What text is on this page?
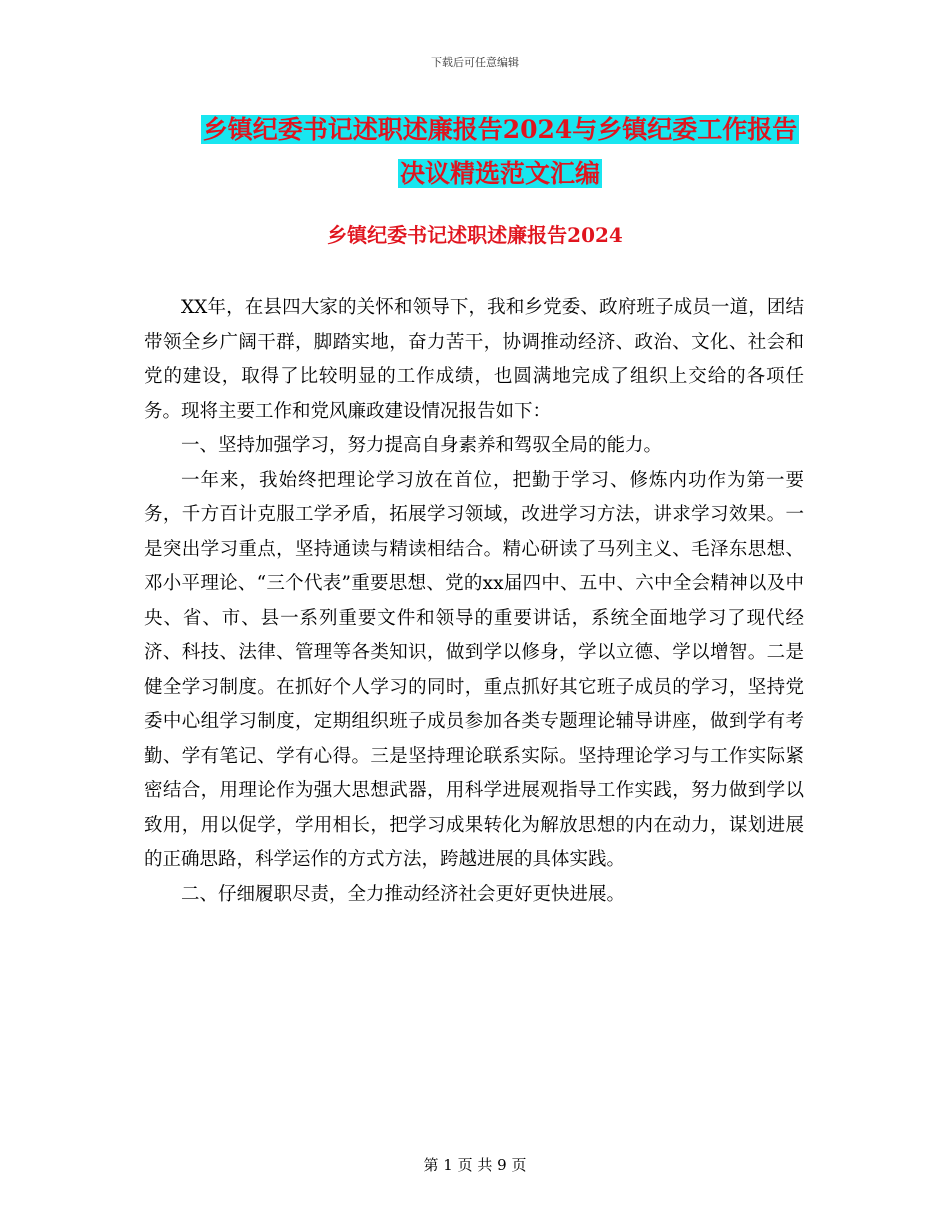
下载后可任意编辑
乡镇纪委书记述职述廉报告2024与乡镇纪委工作报告
决议精选范文汇编
乡镇纪委书记述职述廉报告2024

XX年，在县四大家的关怀和领导下，我和乡党委、政府班子成员一道，团结带领全乡广阔干群，脚踏实地，奋力苦干，协调推动经济、政治、文化、社会和党的建设，取得了比较明显的工作成绩，也圆满地完成了组织上交给的各项任务。现将主要工作和党风廉政建设情况报告如下：

一、坚持加强学习，努力提高自身素养和驾驭全局的能力。

一年来，我始终把理论学习放在首位，把勤于学习、修炼内功作为第一要务，千方百计克服工学矛盾，拓展学习领域，改进学习方法，讲求学习效果。一是突出学习重点，坚持通读与精读相结合。精心研读了马列主义、毛泽东思想、邓小平理论、“三个代表”重要思想、党的xx届四中、五中、六中全会精神以及中央、省、市、县一系列重要文件和领导的重要讲话，系统全面地学习了现代经济、科技、法律、管理等各类知识，做到学以修身，学以立德、学以增智。二是健全学习制度。在抓好个人学习的同时，重点抓好其它班子成员的学习，坚持党委中心组学习制度，定期组织班子成员参加各类专题理论辅导讲座，做到学有考勤、学有笔记、学有心得。三是坚持理论联系实际。坚持理论学习与工作实际紧密结合，用理论作为强大思想武器，用科学进展观指导工作实践，努力做到学以致用，用以促学，学用相长，把学习成果转化为解放思想的内在动力，谋划进展的正确思路，科学运作的方式方法，跨越进展的具体实践。

二、仔细履职尽责，全力推动经济社会更好更快进展。

第 1 页 共 9 页
